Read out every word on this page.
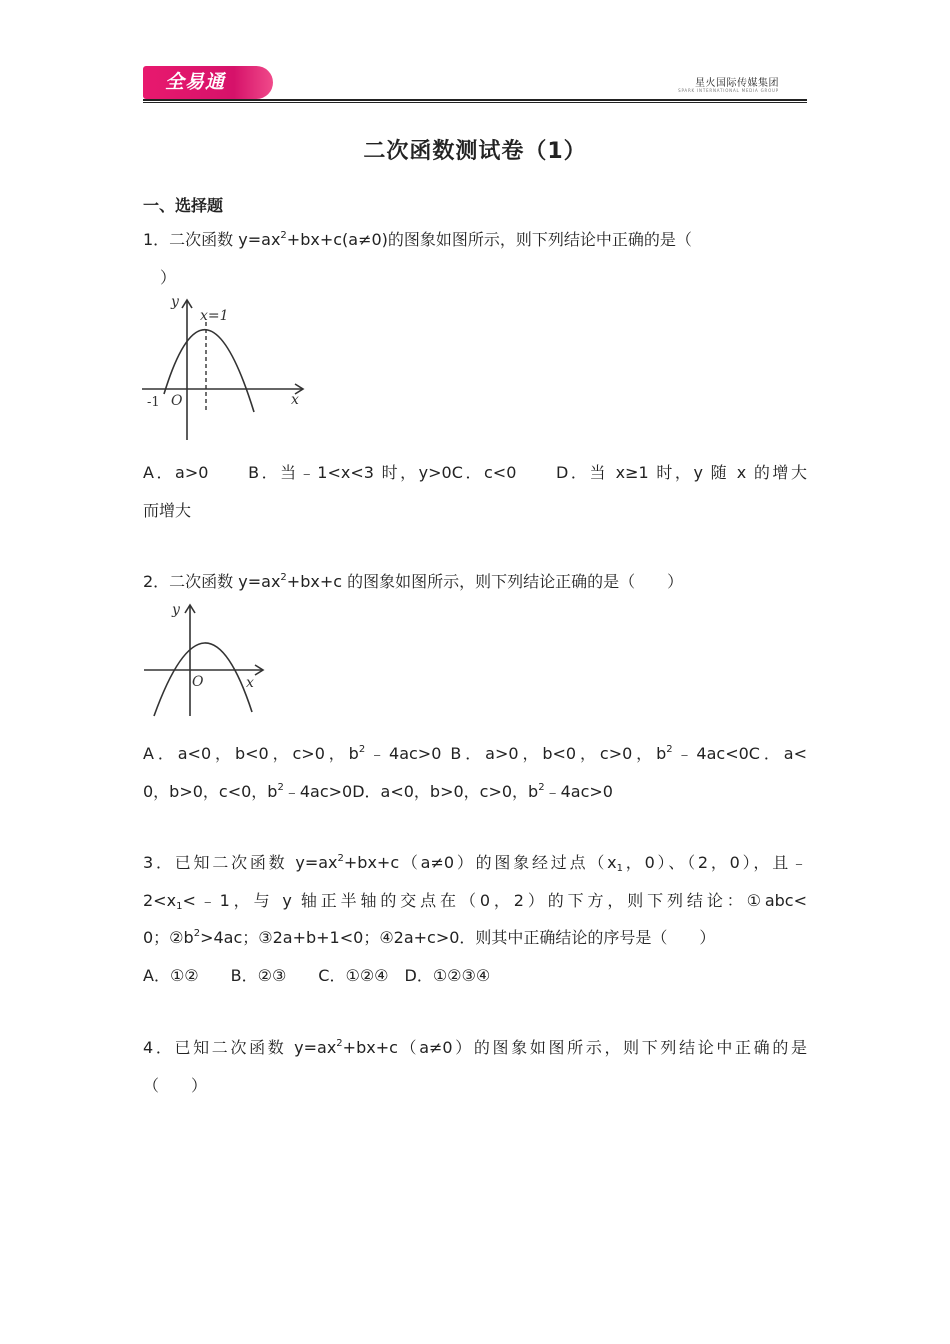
全易通	星火国际传媒集团
SPARK INTERNATIONAL MEDIA GROUP
二次函数测试卷（1）
一、选择题
1．二次函数 $y=ax^2+bx+c(a\ne 0)$的图象如图所示，则下列结论中正确的是（
）
y
x
x=1
O
-1
A．a>0　　B．当﹣1<x<3 时，y>0C．c<0　　D．当 x≥1 时，y 随 x 的增大
而增大
2．二次函数 $y=ax^2+bx+c$ 的图象如图所示，则下列结论正确的是（　　）
y
x
O
A．a<0，b<0，c>0，$b^2﹣4ac>0$ B．a>0，b<0，c>0，$b^2﹣4ac<0C$．a<
0，b>0，c<0，$b^2﹣4ac>0D$．a<0，b>0，c>0，$b^2﹣4ac>0$
3．已知二次函数 $y=ax^2+bx+c(a\ne 0)$的图象经过点（$x_1$，0）、（2，0），且﹣
$2<x_1<﹣1$，与 y 轴正半轴的交点在（0，2）的下方，则下列结论：①abc<
0；$②b^2>4ac$；③2a+b+1<0；④2a+c>0．则其中正确结论的序号是（　　）
A．①②　　B．②③　　C．①②④　D．①②③④
4．已知二次函数 $y=ax^2+bx+c(a\ne 0)$的图象如图所示，则下列结论中正确的是
（　　）
